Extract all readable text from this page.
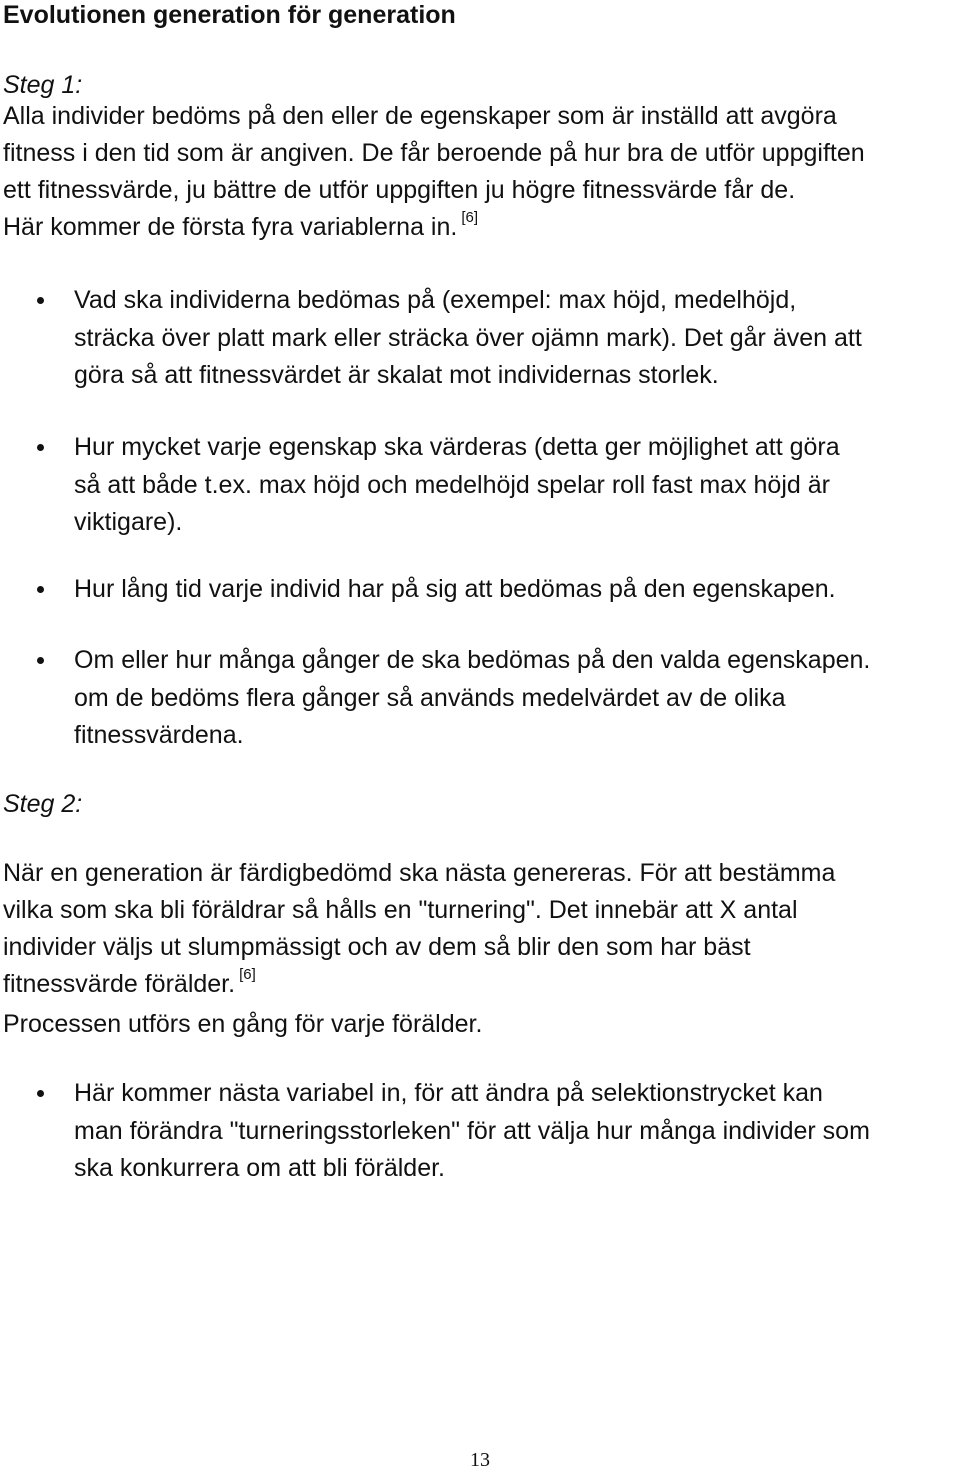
Evolutionen generation för generation
Steg 1:
Alla individer bedöms på den eller de egenskaper som är inställd att avgöra
fitness i den tid som är angiven. De får beroende på hur bra de utför uppgiften
ett fitnessvärde, ju bättre de utför uppgiften ju högre fitnessvärde får de.
Här kommer de första fyra variablerna in. [6]
Vad ska individerna bedömas på (exempel: max höjd, medelhöjd,
sträcka över platt mark eller sträcka över ojämn mark). Det går även att
göra så att fitnessvärdet är skalat mot individernas storlek.
Hur mycket varje egenskap ska värderas (detta ger möjlighet att göra
så att både t.ex. max höjd och medelhöjd spelar roll fast max höjd är
viktigare).
Hur lång tid varje individ har på sig att bedömas på den egenskapen.
Om eller hur många gånger de ska bedömas på den valda egenskapen.
om de bedöms flera gånger så används medelvärdet av de olika
fitnessvärdena.
Steg 2:
När en generation är färdigbedömd ska nästa genereras. För att bestämma
vilka som ska bli föräldrar så hålls en "turnering". Det innebär att X antal
individer väljs ut slumpmässigt och av dem så blir den som har bäst
fitnessvärde förälder. [6]
Processen utförs en gång för varje förälder.
Här kommer nästa variabel in, för att ändra på selektionstrycket kan
man förändra "turneringsstorleken" för att välja hur många individer som
ska konkurrera om att bli förälder.
13
